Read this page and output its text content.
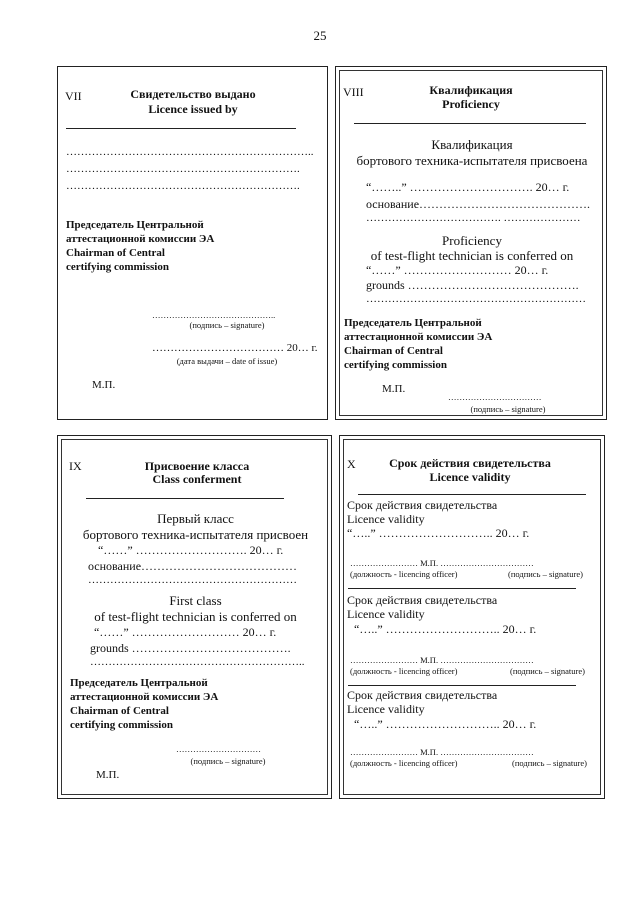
25
VII	Свидетельство выдано
Licence issued by
…………………………………………………………..
……………………………………………………….
……………………………………………………….
Председатель Центральной
аттестационной комиссии ЭА
Chairman of Central
certifying commission
……………………………………..
(подпись – signature)
……………………………… 20… г.
(дата выдачи – date of issue)
М.П.
VIII	Квалификация
Proficiency
Квалификация
бортового техника-испытателя присвоена
“……..” …………………………. 20… г.
основание…………………………………….
………………………………. …………………
Proficiency
of test-flight technician is conferred on
“……” ……………………… 20… г.
grounds …………………………………….
……………………………………………………
Председатель Центральной
аттестационной комиссии ЭА
Chairman of Central
certifying commission
М.П.
……………………………
(подпись – signature)
IX	Присвоение класса
Class conferment
Первый класс
бортового техника-испытателя присвоен
“……” ………………………. 20… г.
основание…………………………………
…………………………………………………
First class
of test-flight technician is conferred on
“……” ……………………… 20… г.
grounds ………………………………….
…………………………………………………..
Председатель Центральной
аттестационной комиссии ЭА
Chairman of Central
certifying commission
…………………………
(подпись – signature)
М.П.
X	Срок действия свидетельства
Licence validity
Срок действия свидетельства
Licence validity
“…..” ……………………….. 20… г.
…………………… М.П. ……………………………
(должность - licencing officer)	(подпись – signature)
Срок действия свидетельства
Licence validity
“…..” ……………………….. 20… г.
…………………… М.П. ……………………………
(должность - licencing officer)	(подпись – signature)
Срок действия свидетельства
Licence validity
“…..” ……………………….. 20… г.
…………………… М.П. ……………………………
(должность - licencing officer)	(подпись – signature)
